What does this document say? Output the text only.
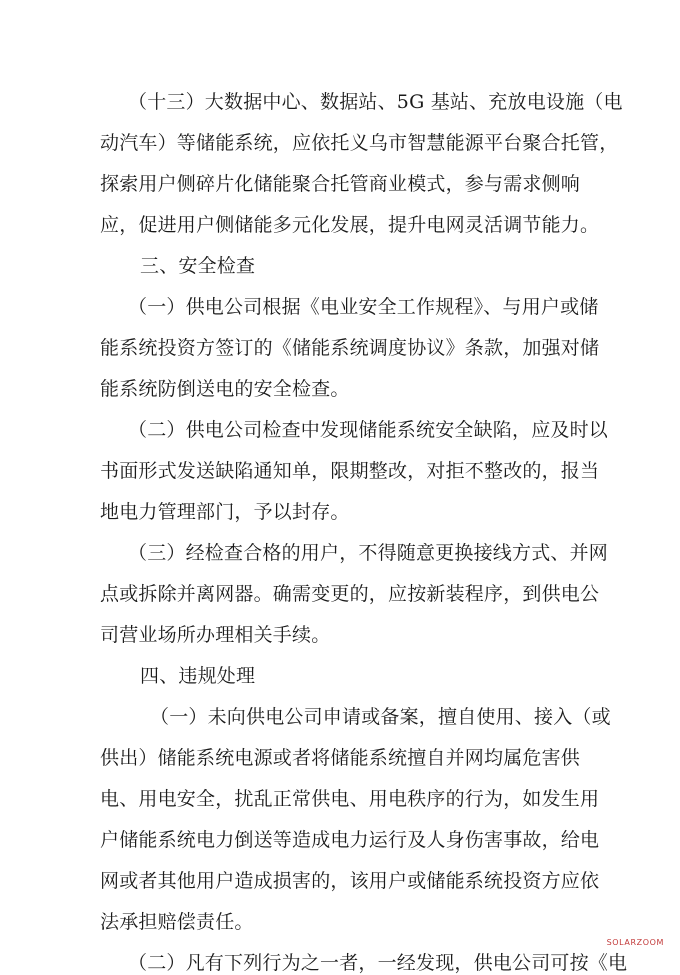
（十三）大数据中心、数据站、5G 基站、充放电设施（电
动汽车）等储能系统，应依托义乌市智慧能源平台聚合托管，
探索用户侧碎片化储能聚合托管商业模式，参与需求侧响
应，促进用户侧储能多元化发展，提升电网灵活调节能力。
三、安全检查
（一）供电公司根据《电业安全工作规程》、与用户或储
能系统投资方签订的《储能系统调度协议》条款，加强对储
能系统防倒送电的安全检查。
（二）供电公司检查中发现储能系统安全缺陷，应及时以
书面形式发送缺陷通知单，限期整改，对拒不整改的，报当
地电力管理部门，予以封存。
（三）经检查合格的用户，不得随意更换接线方式、并网
点或拆除并离网器。确需变更的，应按新装程序，到供电公
司营业场所办理相关手续。
四、违规处理
（一）未向供电公司申请或备案，擅自使用、接入（或
供出）储能系统电源或者将储能系统擅自并网均属危害供
电、用电安全，扰乱正常供电、用电秩序的行为，如发生用
户储能系统电力倒送等造成电力运行及人身伤害事故，给电
网或者其他用户造成损害的，该用户或储能系统投资方应依
法承担赔偿责任。
（二）凡有下列行为之一者，一经发现，供电公司可按《电
SOLARZOOM
